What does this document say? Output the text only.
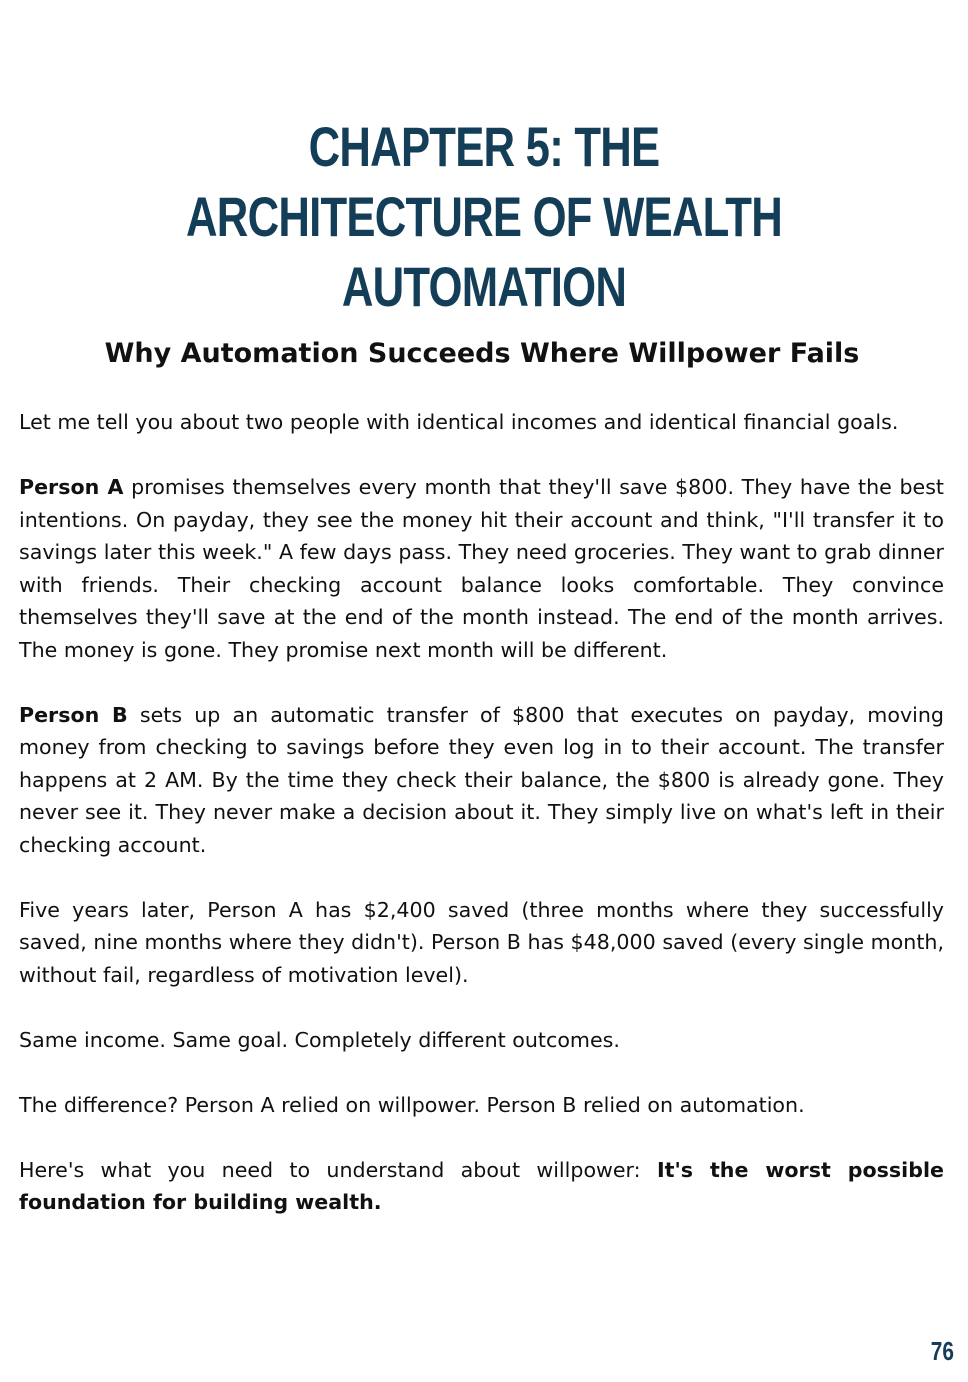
CHAPTER 5: THE ARCHITECTURE OF WEALTH AUTOMATION
Why Automation Succeeds Where Willpower Fails

Let me tell you about two people with identical incomes and identical financial goals.

Person A promises themselves every month that they'll save $800. They have the best intentions. On payday, they see the money hit their account and think, "I'll transfer it to savings later this week." A few days pass. They need groceries. They want to grab dinner with friends. Their checking account balance looks comfortable. They convince themselves they'll save at the end of the month instead. The end of the month arrives. The money is gone. They promise next month will be different.

Person B sets up an automatic transfer of $800 that executes on payday, moving money from checking to savings before they even log in to their account. The transfer happens at 2 AM. By the time they check their balance, the $800 is already gone. They never see it. They never make a decision about it. They simply live on what's left in their checking account.

Five years later, Person A has $2,400 saved (three months where they successfully saved, nine months where they didn't). Person B has $48,000 saved (every single month, without fail, regardless of motivation level).

Same income. Same goal. Completely different outcomes.

The difference? Person A relied on willpower. Person B relied on automation.

Here's what you need to understand about willpower: It's the worst possible foundation for building wealth.

76
